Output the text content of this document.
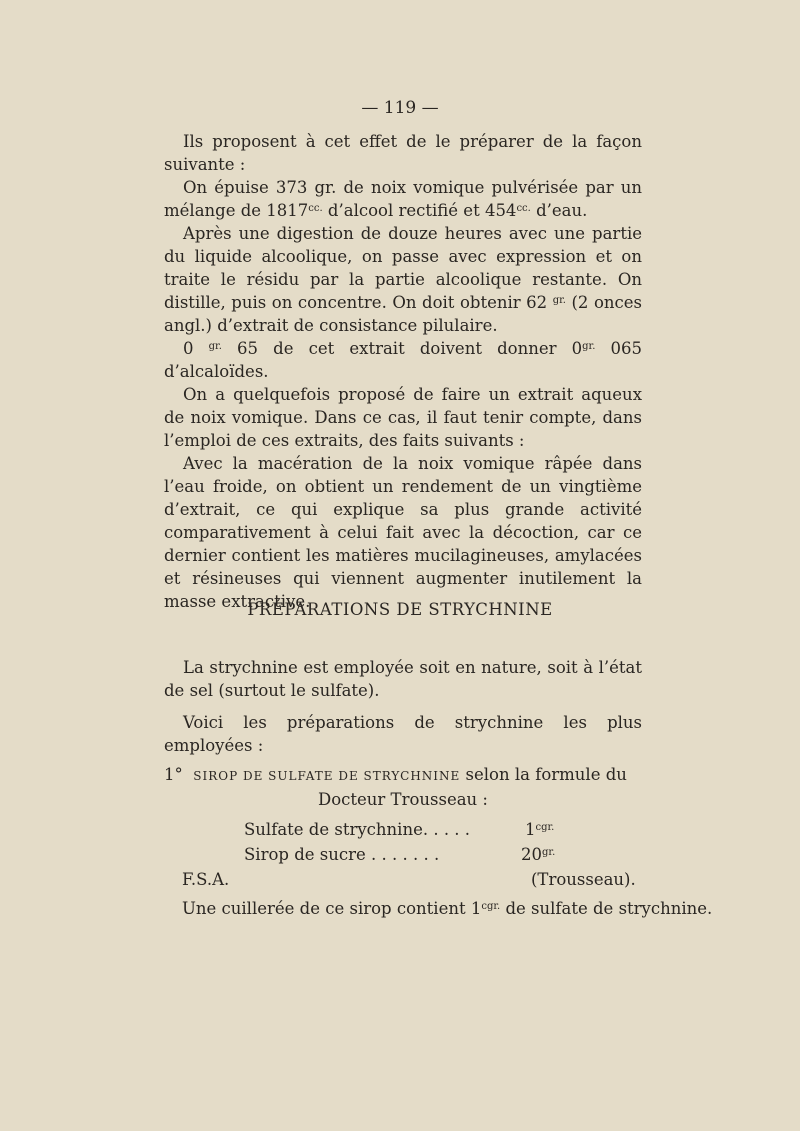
— 119 —

Ils proposent à cet effet de le préparer de la façon suivante :

On épuise 373 gr. de noix vomique pulvérisée par un mélange de $1817^{cc.}$ d’alcool rectifié et $454^{cc.}$ d’eau.

Après une digestion de douze heures avec une partie du liquide alcoolique, on passe avec expression et on traite le résidu par la partie alcoolique restante. On distille, puis on concentre. On doit obtenir 62 $^{gr.}$ (2 onces angl.) d’extrait de consistance pilulaire.

0 $^{gr.}$ 65 de cet extrait doivent donner $0^{gr.}$ 065 d’alcaloïdes.

On a quelquefois proposé de faire un extrait aqueux de noix vomique. Dans ce cas, il faut tenir compte, dans l’emploi de ces extraits, des faits suivants :

Avec la macération de la noix vomique râpée dans l’eau froide, on obtient un rendement de un vingtième d’extrait, ce qui explique sa plus grande activité comparativement à celui fait avec la décoction, car ce dernier contient les matières mucilagineuses, amylacées et résineuses qui viennent augmenter inutilement la masse extractive.

PRÉPARATIONS DE STRYCHNINE

La strychnine est employée soit en nature, soit à l’état de sel (surtout le sulfate).

Voici les préparations de strychnine les plus employées :

1° SIROP DE SULFATE DE STRYCHNINE selon la formule du

Docteur Trousseau :

Sulfate de strychnine. . . . .	$1^{cgr.}$
Sirop de sucre . . . . . . .	$20^{gr.}$
F.S.A.	(Trousseau).
Une cuillerée de ce sirop contient $1^{cgr.}$ de sulfate de strychnine.
